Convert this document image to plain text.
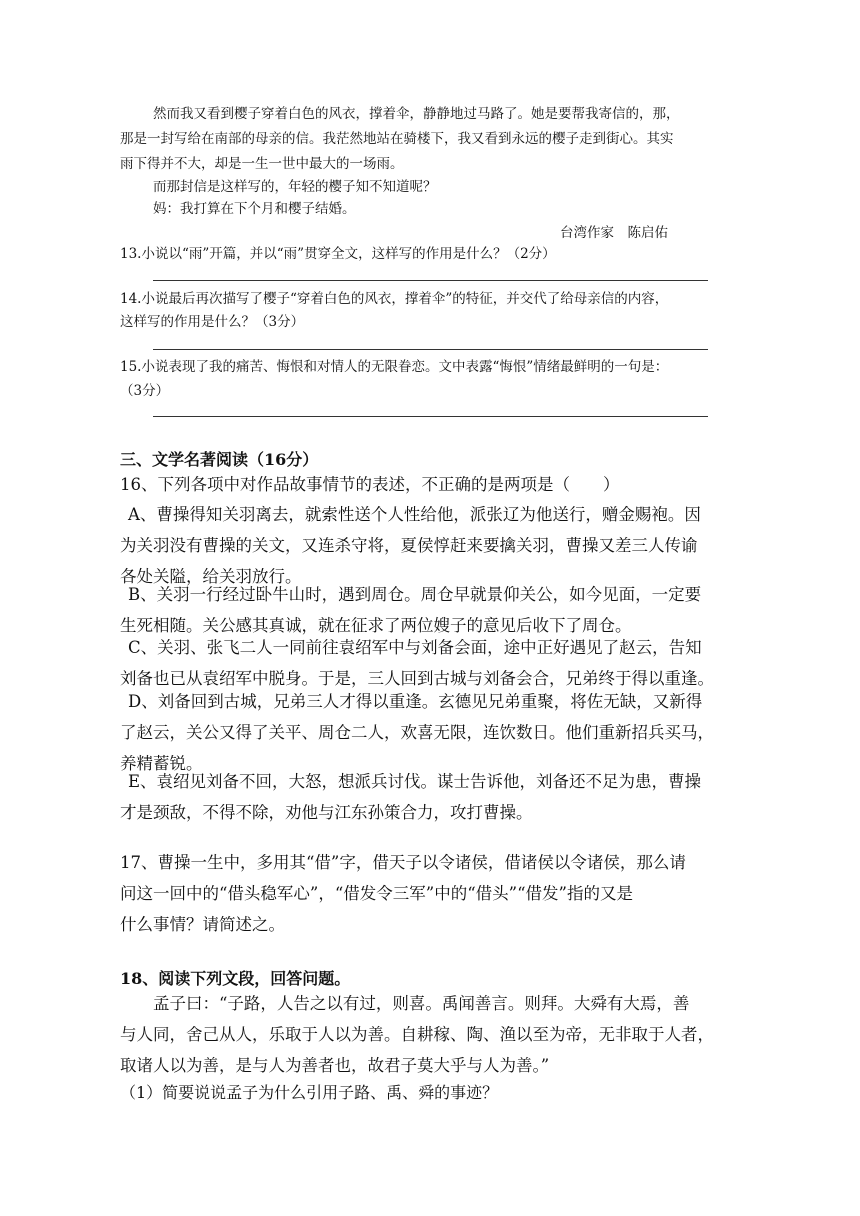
然而我又看到樱子穿着白色的风衣，撑着伞，静静地过马路了。她是要帮我寄信的，那，
那是一封写给在南部的母亲的信。我茫然地站在骑楼下，我又看到永远的樱子走到街心。其实
雨下得并不大，却是一生一世中最大的一场雨。
而那封信是这样写的，年轻的樱子知不知道呢？
妈：我打算在下个月和樱子结婚。
台湾作家　陈启佑
13.小说以“雨”开篇，并以“雨”贯穿全文，这样写的作用是什么？（2分）
14.小说最后再次描写了樱子“穿着白色的风衣，撑着伞”的特征，并交代了给母亲信的内容，
这样写的作用是什么？（3分）
15.小说表现了我的痛苦、悔恨和对情人的无限眷恋。文中表露“悔恨”情绪最鲜明的一句是：
（3分）
三、文学名著阅读（16分）
16、下列各项中对作品故事情节的表述，不正确的是两项是（　　）
A、曹操得知关羽离去，就索性送个人性给他，派张辽为他送行，赠金赐袍。因
为关羽没有曹操的关文，又连杀守将，夏侯惇赶来要擒关羽，曹操又差三人传谕
各处关隘，给关羽放行。
B、关羽一行经过卧牛山时，遇到周仓。周仓早就景仰关公，如今见面，一定要
生死相随。关公感其真诚，就在征求了两位嫂子的意见后收下了周仓。
C、关羽、张飞二人一同前往袁绍军中与刘备会面，途中正好遇见了赵云，告知
刘备也已从袁绍军中脱身。于是，三人回到古城与刘备会合，兄弟终于得以重逢。
D、刘备回到古城，兄弟三人才得以重逢。玄德见兄弟重聚，将佐无缺，又新得
了赵云，关公又得了关平、周仓二人，欢喜无限，连饮数日。他们重新招兵买马，
养精蓄锐。
E、袁绍见刘备不回，大怒，想派兵讨伐。谋士告诉他，刘备还不足为患，曹操
才是颈敌，不得不除，劝他与江东孙策合力，攻打曹操。
17、曹操一生中，多用其“借”字，借天子以令诸侯，借诸侯以令诸侯，那么请
问这一回中的“借头稳军心”，“借发令三军”中的“借头”“借发”指的又是
什么事情？请简述之。
18、阅读下列文段，回答问题。
孟子曰：“子路，人告之以有过，则喜。禹闻善言。则拜。大舜有大焉，善
与人同，舍己从人，乐取于人以为善。自耕稼、陶、渔以至为帝，无非取于人者，
取诸人以为善，是与人为善者也，故君子莫大乎与人为善。”
（1）简要说说孟子为什么引用子路、禹、舜的事迹？
